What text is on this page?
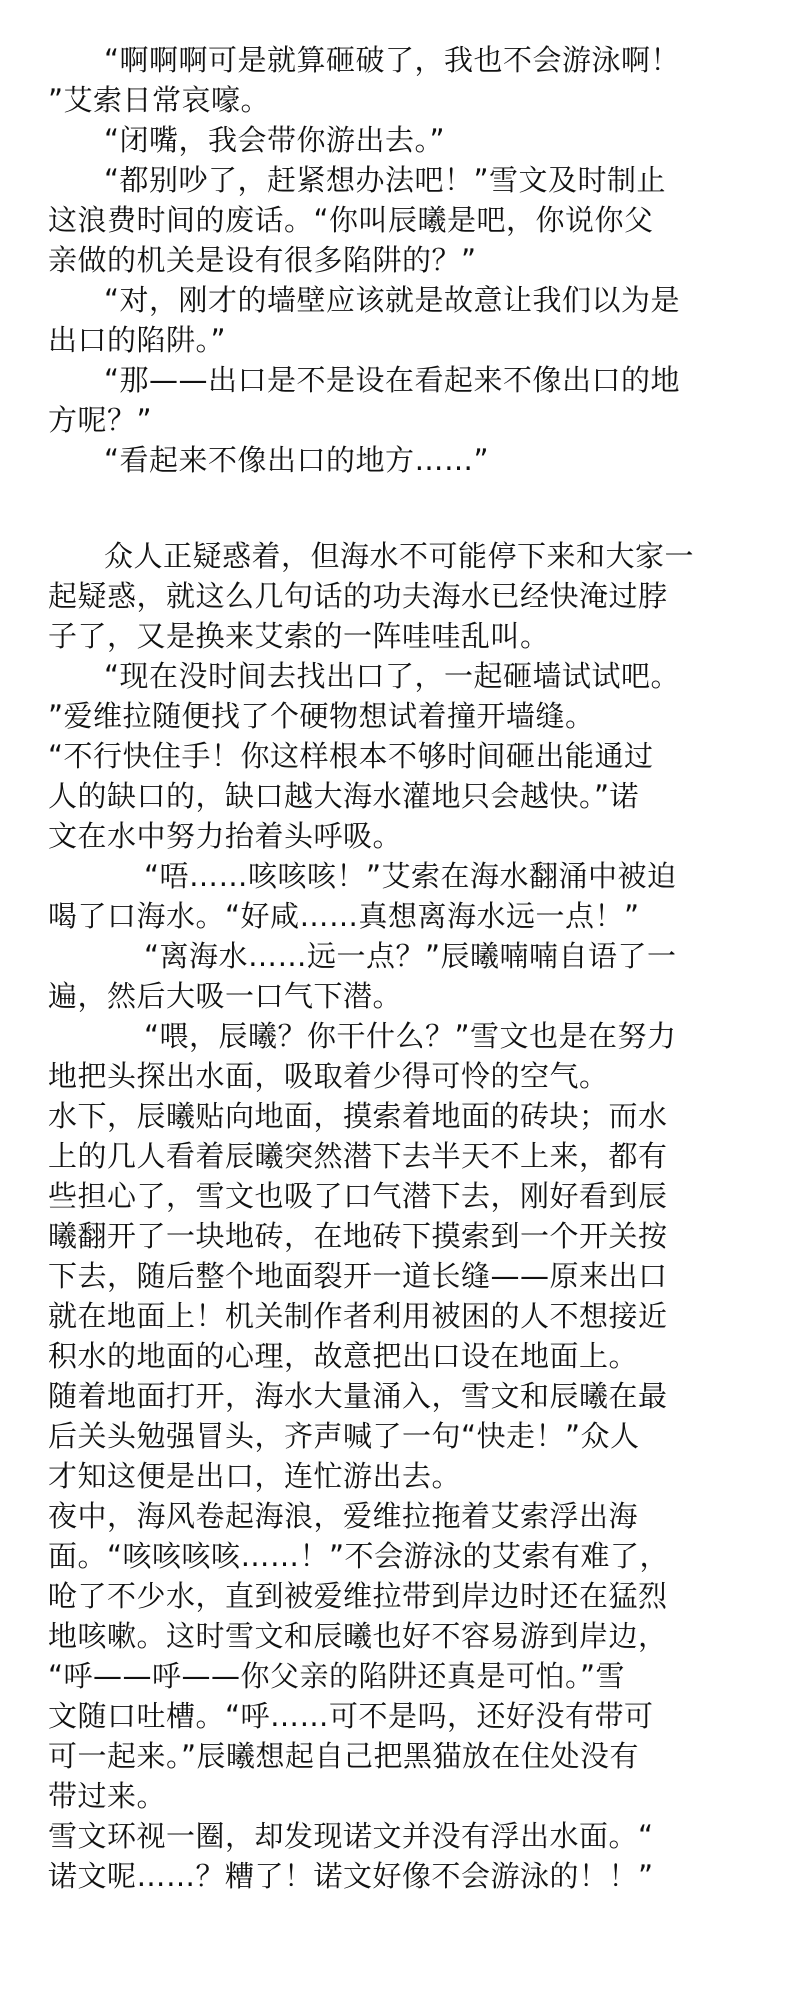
“啊啊啊可是就算砸破了，我也不会游泳啊！
”艾索日常哀嚎。
“闭嘴，我会带你游出去。”
“都别吵了，赶紧想办法吧！”雪文及时制止
这浪费时间的废话。“你叫辰曦是吧，你说你父
亲做的机关是设有很多陷阱的？”
“对，刚才的墙壁应该就是故意让我们以为是
出口的陷阱。”
“那——出口是不是设在看起来不像出口的地
方呢？”
“看起来不像出口的地方……”
众人正疑惑着，但海水不可能停下来和大家一
起疑惑，就这么几句话的功夫海水已经快淹过脖
子了，又是换来艾索的一阵哇哇乱叫。
“现在没时间去找出口了，一起砸墙试试吧。
”爱维拉随便找了个硬物想试着撞开墙缝。
“不行快住手！你这样根本不够时间砸出能通过
人的缺口的，缺口越大海水灌地只会越快。”诺
文在水中努力抬着头呼吸。
“唔……咳咳咳！”艾索在海水翻涌中被迫
喝了口海水。“好咸……真想离海水远一点！”
“离海水……远一点？”辰曦喃喃自语了一
遍，然后大吸一口气下潜。
“喂，辰曦？你干什么？”雪文也是在努力
地把头探出水面，吸取着少得可怜的空气。
水下，辰曦贴向地面，摸索着地面的砖块；而水
上的几人看着辰曦突然潜下去半天不上来，都有
些担心了，雪文也吸了口气潜下去，刚好看到辰
曦翻开了一块地砖，在地砖下摸索到一个开关按
下去，随后整个地面裂开一道长缝——原来出口
就在地面上！机关制作者利用被困的人不想接近
积水的地面的心理，故意把出口设在地面上。
随着地面打开，海水大量涌入，雪文和辰曦在最
后关头勉强冒头，齐声喊了一句“快走！”众人
才知这便是出口，连忙游出去。
夜中，海风卷起海浪，爱维拉拖着艾索浮出海
面。“咳咳咳咳……！”不会游泳的艾索有难了，
呛了不少水，直到被爱维拉带到岸边时还在猛烈
地咳嗽。这时雪文和辰曦也好不容易游到岸边，
“呼——呼——你父亲的陷阱还真是可怕。”雪
文随口吐槽。“呼……可不是吗，还好没有带可
可一起来。”辰曦想起自己把黑猫放在住处没有
带过来。
雪文环视一圈，却发现诺文并没有浮出水面。“
诺文呢……？糟了！诺文好像不会游泳的！！”
